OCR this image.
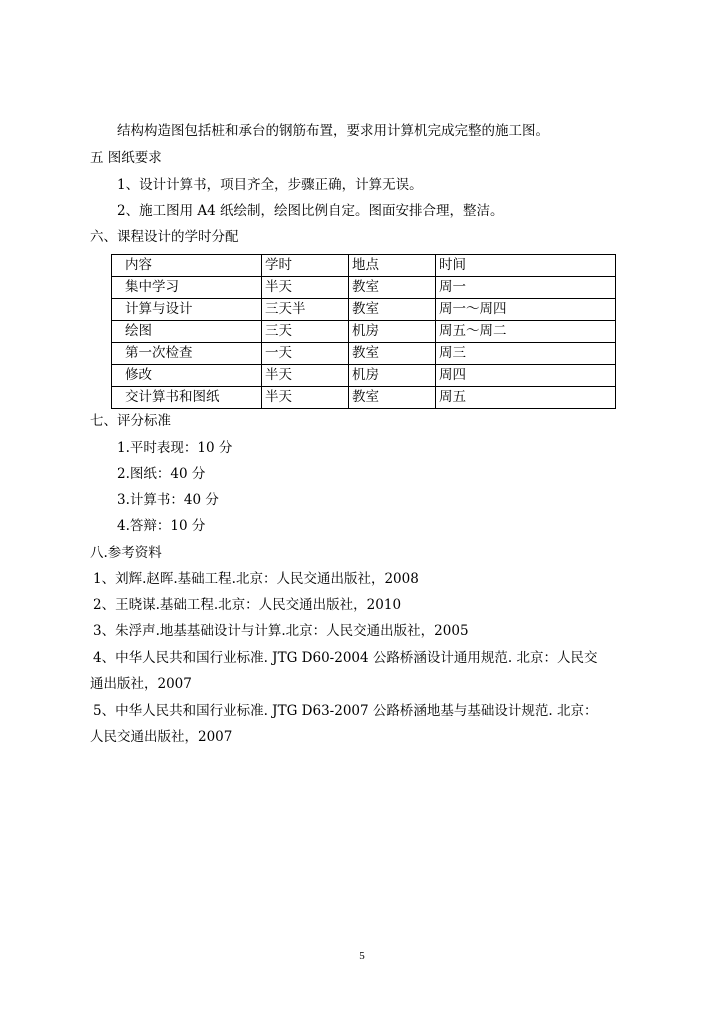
结构构造图包括桩和承台的钢筋布置，要求用计算机完成完整的施工图。
五 图纸要求
1、设计计算书，项目齐全，步骤正确，计算无误。
2、施工图用 A4 纸绘制，绘图比例自定。图面安排合理，整洁。
六、课程设计的学时分配
内容	学时	地点	时间
集中学习	半天	教室	周一
计算与设计	三天半	教室	周一～周四
绘图	三天	机房	周五～周二
第一次检查	一天	教室	周三
修改	半天	机房	周四
交计算书和图纸	半天	教室	周五
七、评分标准
1.平时表现：10 分
2.图纸：40 分
3.计算书：40 分
4.答辩：10 分
八.参考资料
1、刘辉.赵晖.基础工程.北京：人民交通出版社，2008
2、王晓谋.基础工程.北京：人民交通出版社，2010
3、朱浮声.地基基础设计与计算.北京：人民交通出版社，2005
4、中华人民共和国行业标准. JTG D60-2004 公路桥涵设计通用规范. 北京：人民交
通出版社，2007
5、中华人民共和国行业标准. JTG D63-2007 公路桥涵地基与基础设计规范. 北京：
人民交通出版社，2007
5
